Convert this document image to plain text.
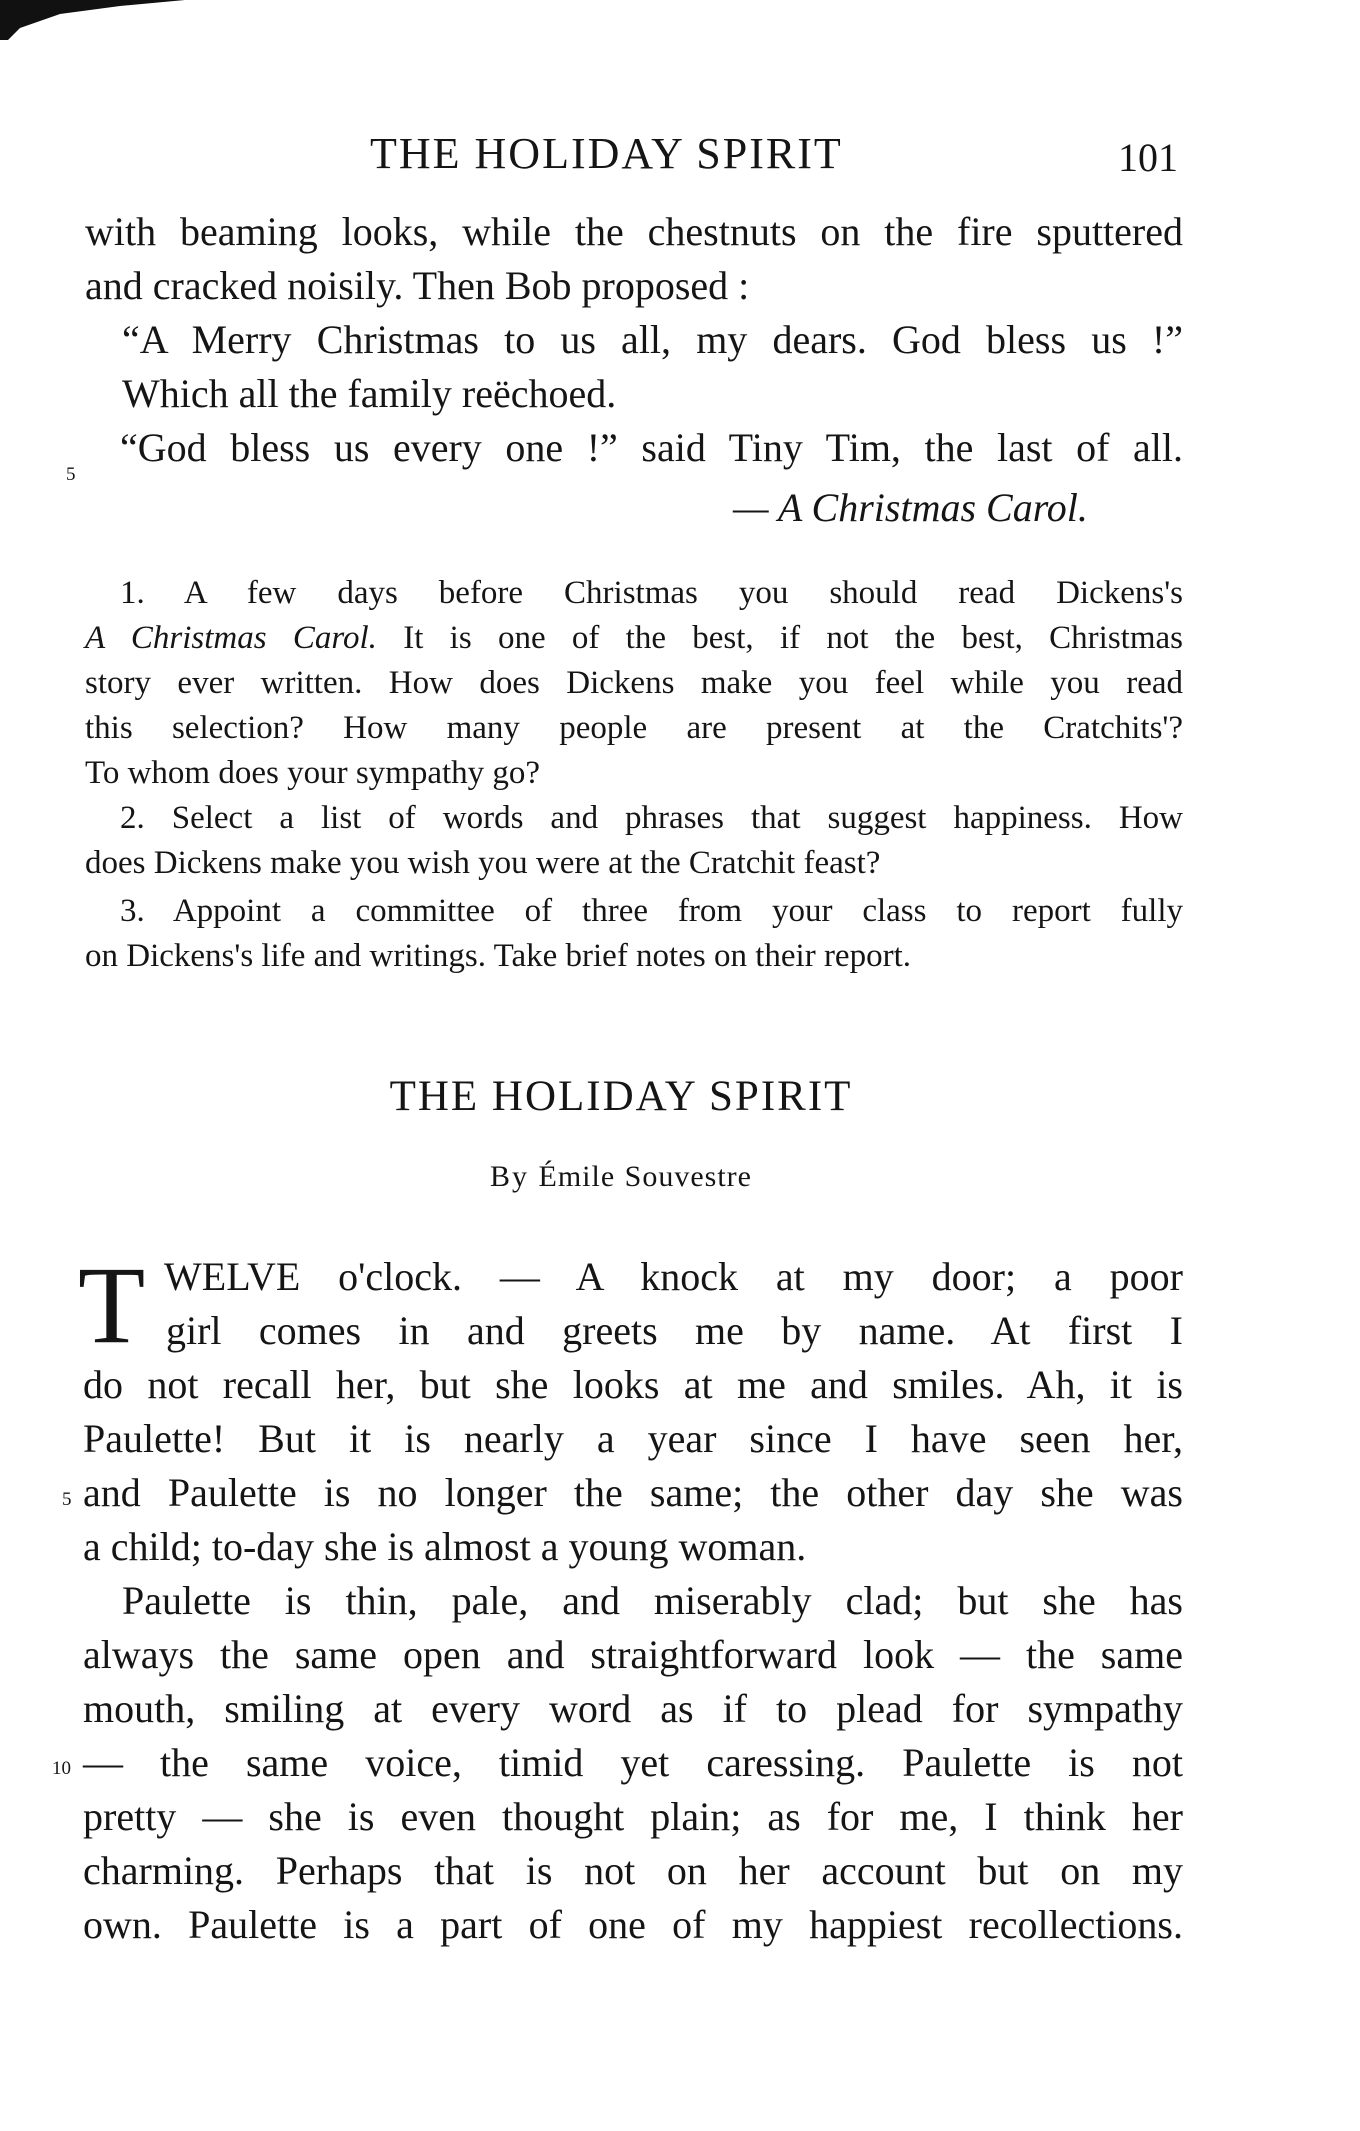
THE HOLIDAY SPIRIT	101
with beaming looks, while the chestnuts on the fire sputtered
and cracked noisily. Then Bob proposed :
“A Merry Christmas to us all, my dears. God bless us !”
Which all the family reëchoed.
5
“God bless us every one !” said Tiny Tim, the last of all.
— A Christmas Carol.
1. A few days before Christmas you should read Dickens's
A Christmas Carol. It is one of the best, if not the best, Christmas
story ever written. How does Dickens make you feel while you read
this selection? How many people are present at the Cratchits'?
To whom does your sympathy go?
2. Select a list of words and phrases that suggest happiness. How
does Dickens make you wish you were at the Cratchit feast?
3. Appoint a committee of three from your class to report fully
on Dickens's life and writings. Take brief notes on their report.
THE HOLIDAY SPIRIT
By Émile Souvestre
T WELVE o'clock. — A knock at my door; a poor
girl comes in and greets me by name. At first I
do not recall her, but she looks at me and smiles. Ah, it is
Paulette! But it is nearly a year since I have seen her,
5 and Paulette is no longer the same; the other day she was
a child; to-day she is almost a young woman.
Paulette is thin, pale, and miserably clad; but she has
always the same open and straightforward look — the same
mouth, smiling at every word as if to plead for sympathy
10 — the same voice, timid yet caressing. Paulette is not
pretty — she is even thought plain; as for me, I think her
charming. Perhaps that is not on her account but on my
own. Paulette is a part of one of my happiest recollections.
